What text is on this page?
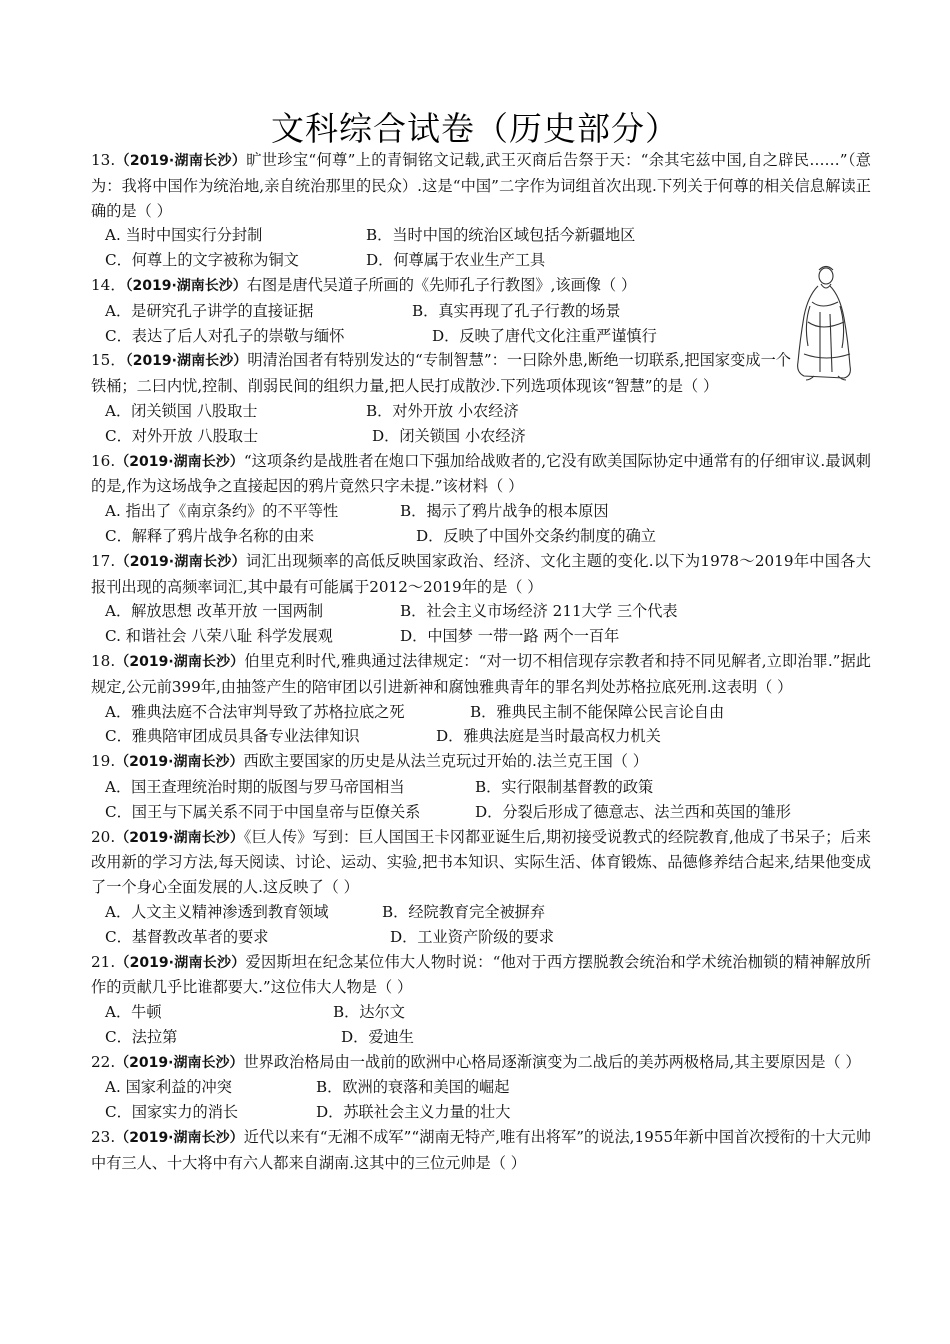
文科综合试卷（历史部分）

13.（2019·湖南长沙）旷世珍宝“何尊”上的青铜铭文记载,武王灭商后告祭于天：“余其宅兹中国,自之辟民……”（意为：我将中国作为统治地,亲自统治那里的民众）.这是“中国”二字作为词组首次出现.下列关于何尊的相关信息解读正确的是（ ）

A. 当时中国实行分封制	B．当时中国的统治区域包括今新疆地区
C．何尊上的文字被称为铜文	D．何尊属于农业生产工具

14．（2019·湖南长沙）右图是唐代吴道子所画的《先师孔子行教图》,该画像（ ）

A．是研究孔子讲学的直接证据	B．真实再现了孔子行教的场景
C．表达了后人对孔子的崇敬与缅怀	D．反映了唐代文化注重严谨慎行

15．（2019·湖南长沙）明清治国者有特别发达的“专制智慧”：一曰除外患,断绝一切联系,把国家变成一个铁桶；二曰内忧,控制、削弱民间的组织力量,把人民打成散沙.下列选项体现该“智慧”的是（ ）

A．闭关锁国 八股取士	B．对外开放 小农经济
C．对外开放 八股取士	D．闭关锁国 小农经济

16.（2019·湖南长沙）“这项条约是战胜者在炮口下强加给战败者的,它没有欧美国际协定中通常有的仔细审议.最讽刺的是,作为这场战争之直接起因的鸦片竟然只字未提.”该材料（ ）

A. 指出了《南京条约》的不平等性	B．揭示了鸦片战争的根本原因
C．解释了鸦片战争名称的由来	D．反映了中国外交条约制度的确立

17.（2019·湖南长沙）词汇出现频率的高低反映国家政治、经济、文化主题的变化.以下为1978～2019年中国各大报刊出现的高频率词汇,其中最有可能属于2012～2019年的是（ ）

A．解放思想 改革开放 一国两制	B．社会主义市场经济 211大学 三个代表
C. 和谐社会 八荣八耻 科学发展观	D．中国梦 一带一路 两个一百年

18.（2019·湖南长沙）伯里克利时代,雅典通过法律规定：“对一切不相信现存宗教者和持不同见解者,立即治罪.”据此规定,公元前399年,由抽签产生的陪审团以引进新神和腐蚀雅典青年的罪名判处苏格拉底死刑.这表明（ ）

A．雅典法庭不合法审判导致了苏格拉底之死	B．雅典民主制不能保障公民言论自由
C．雅典陪审团成员具备专业法律知识	D．雅典法庭是当时最高权力机关

19.（2019·湖南长沙）西欧主要国家的历史是从法兰克玩过开始的.法兰克王国（ ）

A．国王查理统治时期的版图与罗马帝国相当	B．实行限制基督教的政策
C．国王与下属关系不同于中国皇帝与臣僚关系	D．分裂后形成了德意志、法兰西和英国的雏形

20.（2019·湖南长沙）《巨人传》写到：巨人国国王卡冈都亚诞生后,期初接受说教式的经院教育,他成了书呆子；后来改用新的学习方法,每天阅读、讨论、运动、实验,把书本知识、实际生活、体育锻炼、品德修养结合起来,结果他变成了一个身心全面发展的人.这反映了（ ）

A．人文主义精神渗透到教育领域	B．经院教育完全被摒弃
C．基督教改革者的要求	D．工业资产阶级的要求

21.（2019·湖南长沙）爱因斯坦在纪念某位伟大人物时说：“他对于西方摆脱教会统治和学术统治枷锁的精神解放所作的贡献几乎比谁都要大.”这位伟大人物是（ ）

A．牛顿	B．达尔文
C．法拉第	D．爱迪生

22.（2019·湖南长沙）世界政治格局由一战前的欧洲中心格局逐渐演变为二战后的美苏两极格局,其主要原因是（ ）

A. 国家利益的冲突	B．欧洲的衰落和美国的崛起
C．国家实力的消长	D．苏联社会主义力量的壮大

23.（2019·湖南长沙）近代以来有“无湘不成军”“湖南无特产,唯有出将军”的说法,1955年新中国首次授衔的十大元帅中有三人、十大将中有六人都来自湖南.这其中的三位元帅是（ ）
